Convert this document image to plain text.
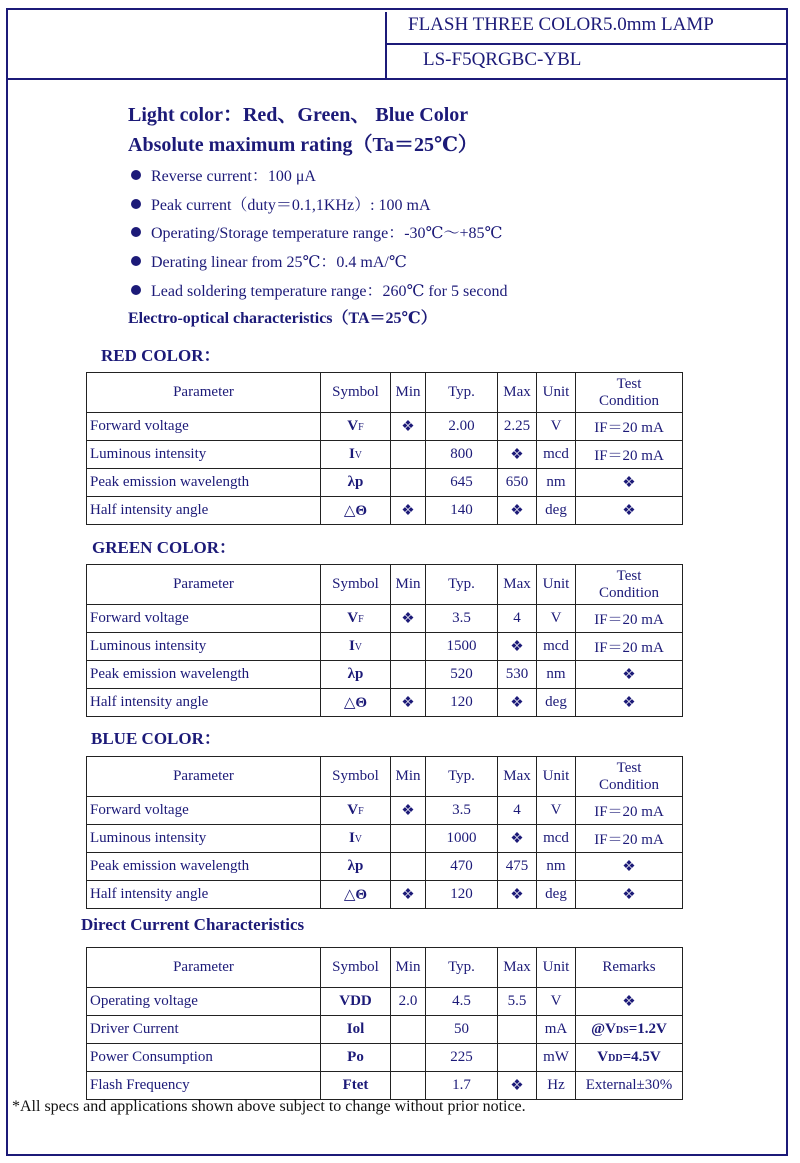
FLASH THREE COLOR5.0mm LAMP
LS-F5QRGBC-YBL
Light color：Red、Green、 Blue Color
Absolute maximum rating（Ta＝25℃）
Reverse current：100 μA
Peak current（duty＝0.1,1KHz）: 100 mA
Operating/Storage temperature range：-30℃～+85℃
Derating linear from 25℃：0.4 mA/℃
Lead soldering temperature range：260℃ for 5 second
Electro-optical characteristics（TA＝25℃）
RED COLOR：
Parameter	Symbol	Min	Typ.	Max	Unit	Test
Condition
Forward voltage	VF	❖	2.00	2.25	V	IF＝20 mA
Luminous intensity	IV		800	❖	mcd	IF＝20 mA
Peak emission wavelength	λp		645	650	nm	❖
Half intensity angle	△Θ	❖	140	❖	deg	❖
GREEN COLOR：
Parameter	Symbol	Min	Typ.	Max	Unit	Test
Condition
Forward voltage	VF	❖	3.5	4	V	IF＝20 mA
Luminous intensity	IV		1500	❖	mcd	IF＝20 mA
Peak emission wavelength	λp		520	530	nm	❖
Half intensity angle	△Θ	❖	120	❖	deg	❖
BLUE COLOR：
Parameter	Symbol	Min	Typ.	Max	Unit	Test
Condition
Forward voltage	VF	❖	3.5	4	V	IF＝20 mA
Luminous intensity	IV		1000	❖	mcd	IF＝20 mA
Peak emission wavelength	λp		470	475	nm	❖
Half intensity angle	△Θ	❖	120	❖	deg	❖
Direct Current Characteristics
Parameter	Symbol	Min	Typ.	Max	Unit	Remarks
Operating voltage	VDD	2.0	4.5	5.5	V	❖
Driver Current	Iol		50		mA	@VDS=1.2V
Power Consumption	Po		225		mW	VDD=4.5V
Flash Frequency	Ftet		1.7	❖	Hz	External±30%
*All specs and applications shown above subject to change without prior notice.
